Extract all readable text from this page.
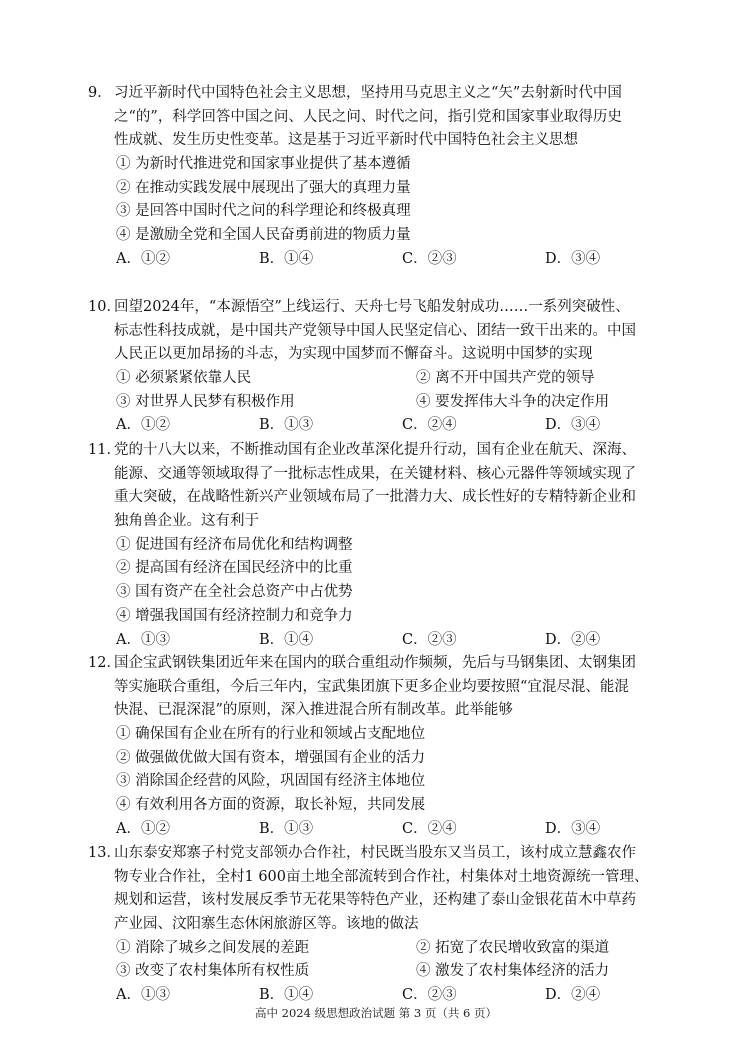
9． 习近平新时代中国特色社会主义思想，坚持用马克思主义之“矢”去射新时代中国
之“的”，科学回答中国之问、人民之问、时代之问，指引党和国家事业取得历史
性成就、发生历史性变革。这是基于习近平新时代中国特色社会主义思想
① 为新时代推进党和国家事业提供了基本遵循
② 在推动实践发展中展现出了强大的真理力量
③ 是回答中国时代之问的科学理论和终极真理
④ 是激励全党和全国人民奋勇前进的物质力量
A．①②	B．①④	C．②③	D．③④
10．
回望2024年，“本源悟空”上线运行、天舟七号飞船发射成功……一系列突破性、
标志性科技成就，是中国共产党领导中国人民坚定信心、团结一致干出来的。中国
人民正以更加昂扬的斗志，为实现中国梦而不懈奋斗。这说明中国梦的实现
① 必须紧紧依靠人民	② 离不开中国共产党的领导
③ 对世界人民梦有积极作用	④ 要发挥伟大斗争的决定作用
A．①②	B．①③	C．②④	D．③④
11．
党的十八大以来，不断推动国有企业改革深化提升行动，国有企业在航天、深海、
能源、交通等领域取得了一批标志性成果，在关键材料、核心元器件等领域实现了
重大突破，在战略性新兴产业领域布局了一批潜力大、成长性好的专精特新企业和
独角兽企业。这有利于
① 促进国有经济布局优化和结构调整
② 提高国有经济在国民经济中的比重
③ 国有资产在全社会总资产中占优势
④ 增强我国国有经济控制力和竞争力
A．①③	B．①④	C．②③	D．②④
12．
国企宝武钢铁集团近年来在国内的联合重组动作频频，先后与马钢集团、太钢集团
等实施联合重组，今后三年内，宝武集团旗下更多企业均要按照“宜混尽混、能混
快混、已混深混”的原则，深入推进混合所有制改革。此举能够
① 确保国有企业在所有的行业和领域占支配地位
② 做强做优做大国有资本，增强国有企业的活力
③ 消除国企经营的风险，巩固国有经济主体地位
④ 有效利用各方面的资源，取长补短，共同发展
A．①②	B．①③	C．②④	D．③④
13．
山东泰安郑寨子村党支部领办合作社，村民既当股东又当员工，该村成立慧鑫农作
物专业合作社，全村1 600亩土地全部流转到合作社，村集体对土地资源统一管理、
规划和运营，该村发展反季节无花果等特色产业，还构建了泰山金银花苗木中草药
产业园、汶阳寨生态休闲旅游区等。该地的做法
① 消除了城乡之间发展的差距	② 拓宽了农民增收致富的渠道
③ 改变了农村集体所有权性质	④ 激发了农村集体经济的活力
A．①③	B．①④	C．②③	D．②④
高中 2024 级思想政治试题 第 3 页（共 6 页）
